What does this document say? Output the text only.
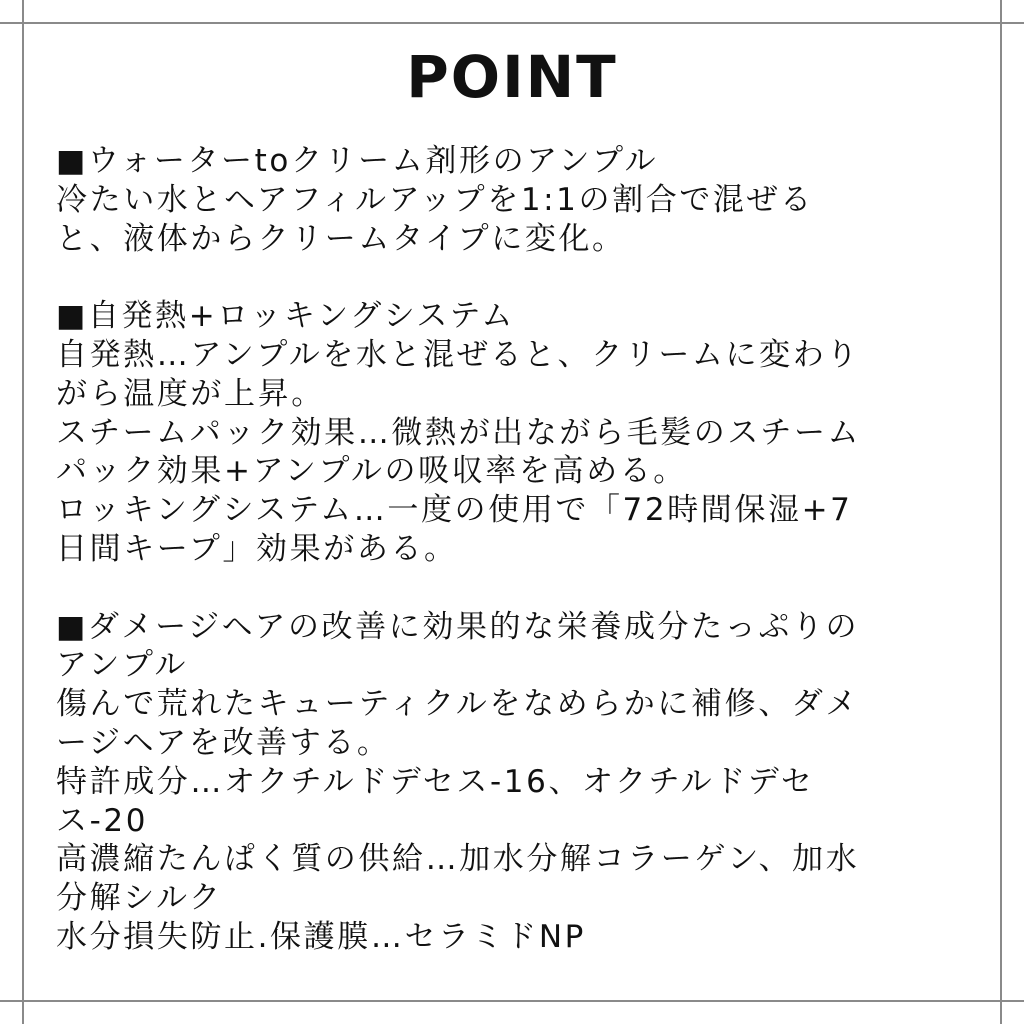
POINT
■ウォーターtoクリーム剤形のアンプル
冷たい水とヘアフィルアップを1:1の割合で混ぜる
と、液体からクリームタイプに変化。
■自発熱+ロッキングシステム
自発熱…アンプルを水と混ぜると、クリームに変わり
がら温度が上昇。
スチームパック効果…微熱が出ながら毛髪のスチーム
パック効果+アンプルの吸収率を高める。
ロッキングシステム…一度の使用で「72時間保湿+7
日間キープ」効果がある。
■ダメージヘアの改善に効果的な栄養成分たっぷりの
アンプル
傷んで荒れたキューティクルをなめらかに補修、ダメ
ージヘアを改善する。
特許成分…オクチルドデセス-16、オクチルドデセ
ス-20
高濃縮たんぱく質の供給…加水分解コラーゲン、加水
分解シルク
水分損失防止.保護膜…セラミドNP
